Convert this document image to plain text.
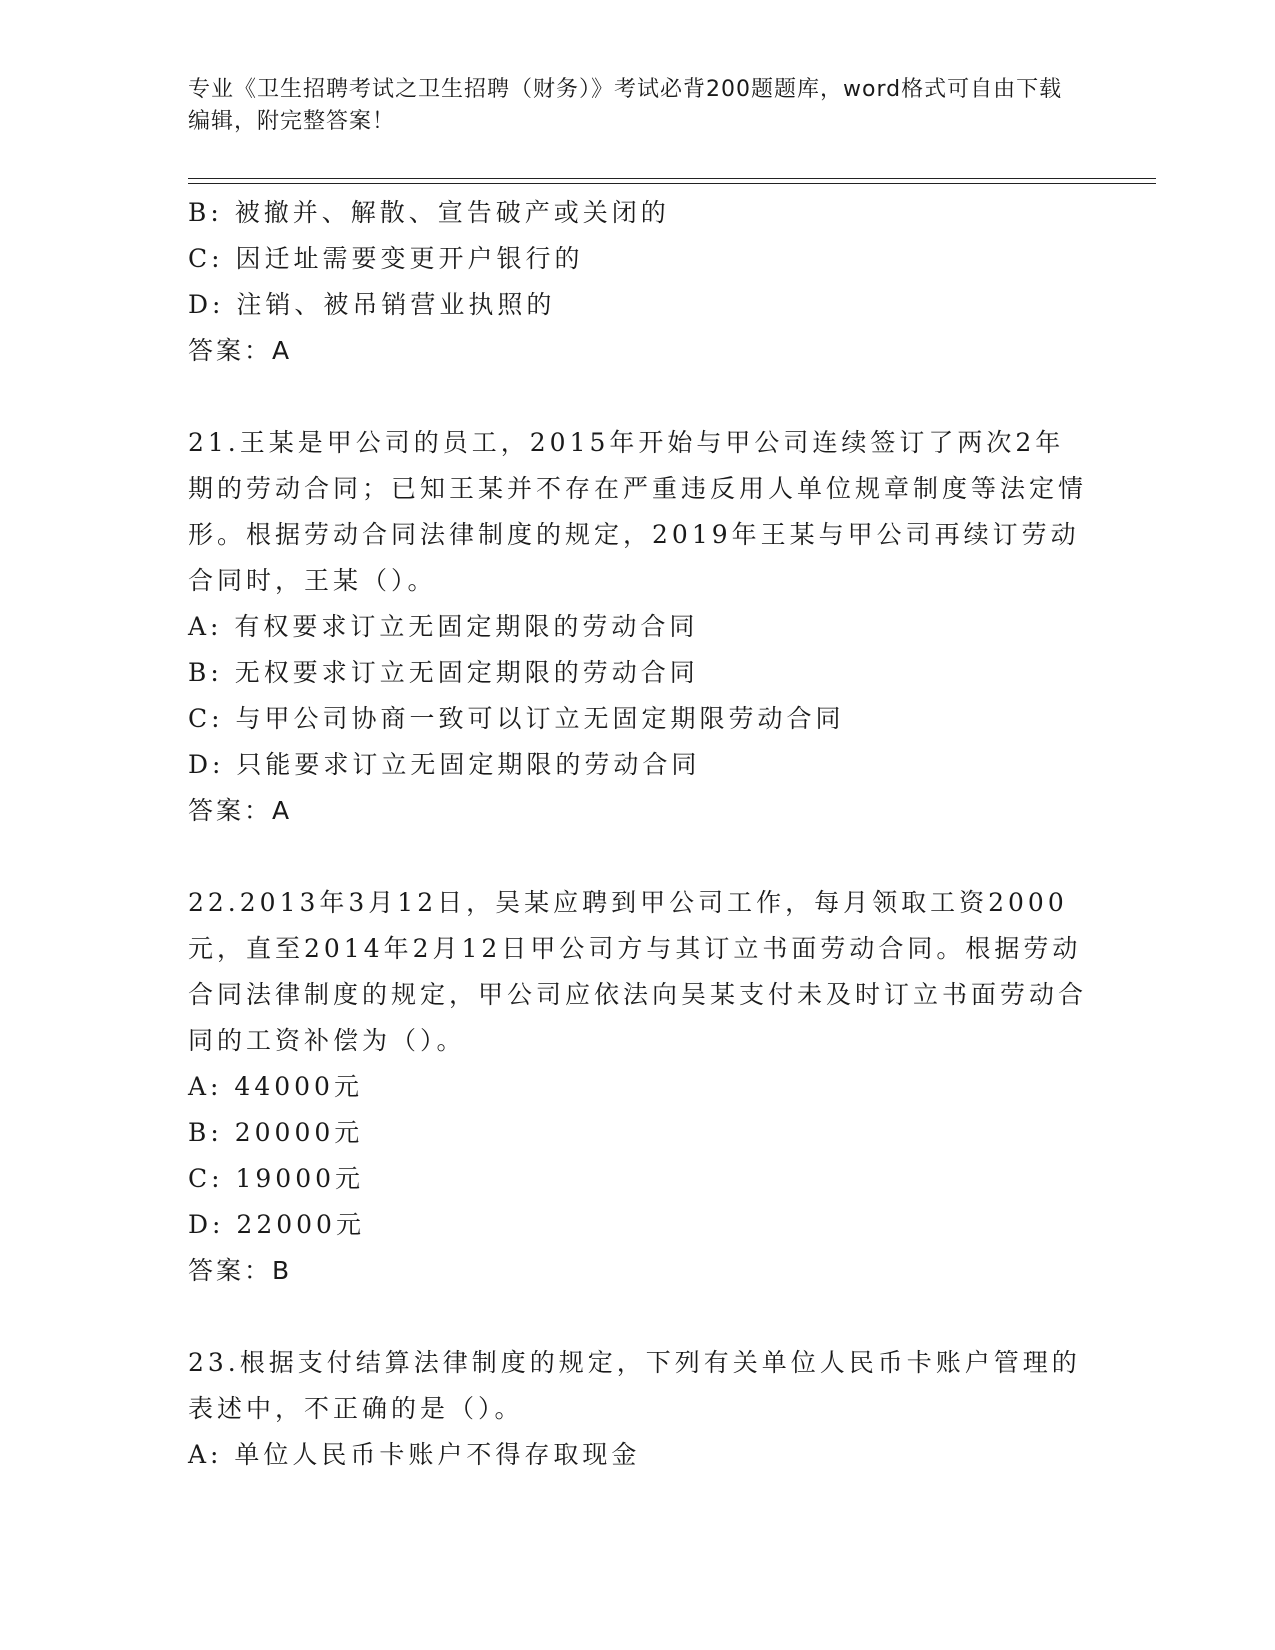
专业《卫生招聘考试之卫生招聘（财务）》考试必背200题题库，word格式可自由下载编辑，附完整答案！
B: 被撤并、解散、宣告破产或关闭的
C: 因迁址需要变更开户银行的
D: 注销、被吊销营业执照的
答案：A
21.王某是甲公司的员工，2015年开始与甲公司连续签订了两次2年期的劳动合同；已知王某并不存在严重违反用人单位规章制度等法定情形。根据劳动合同法律制度的规定，2019年王某与甲公司再续订劳动合同时，王某（）。
A: 有权要求订立无固定期限的劳动合同
B: 无权要求订立无固定期限的劳动合同
C: 与甲公司协商一致可以订立无固定期限劳动合同
D: 只能要求订立无固定期限的劳动合同
答案：A
22.2013年3月12日，吴某应聘到甲公司工作，每月领取工资2000元，直至2014年2月12日甲公司方与其订立书面劳动合同。根据劳动合同法律制度的规定，甲公司应依法向吴某支付未及时订立书面劳动合同的工资补偿为（）。
A: 44000元
B: 20000元
C: 19000元
D: 22000元
答案：B
23.根据支付结算法律制度的规定，下列有关单位人民币卡账户管理的表述中，不正确的是（）。
A: 单位人民币卡账户不得存取现金
